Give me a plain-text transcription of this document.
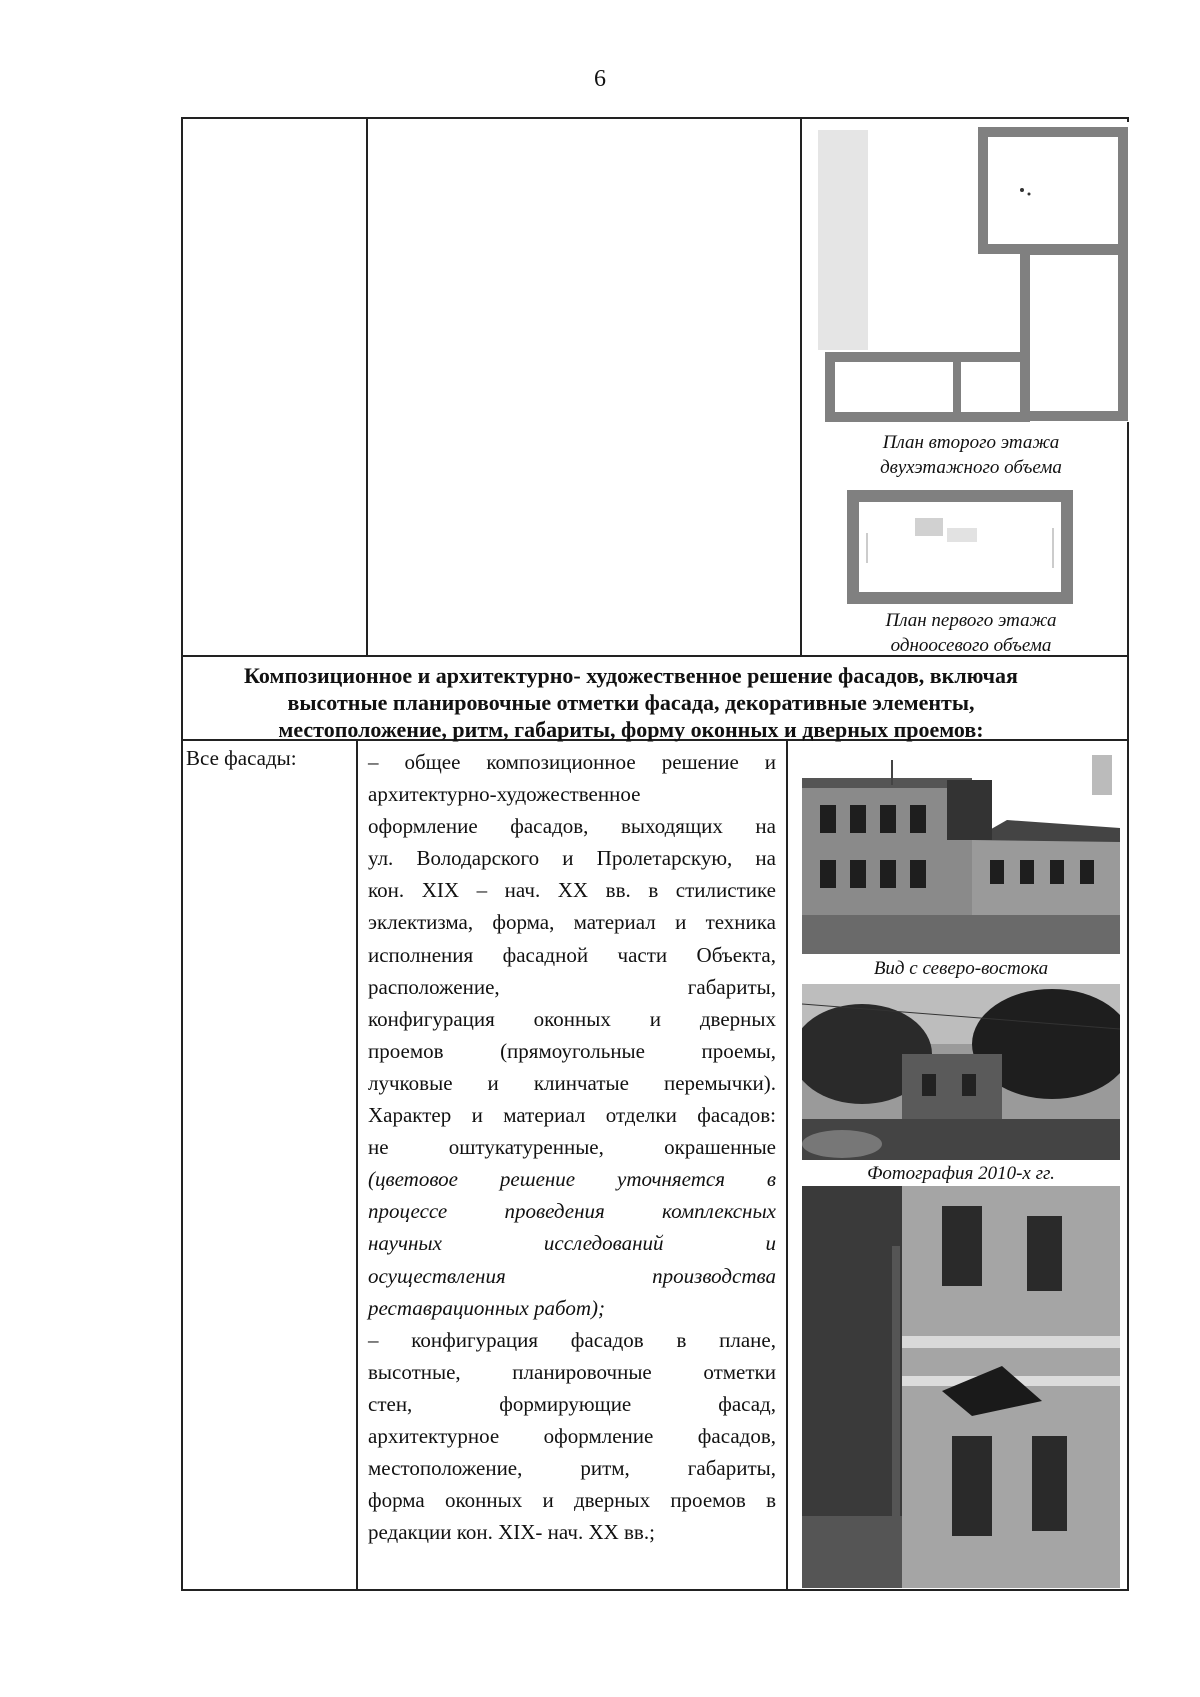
6
План второго этажа
двухэтажного объема
План первого этажа
одноосевого объема
Композиционное и архитектурно- художественное решение фасадов, включая
высотные планировочные отметки фасада, декоративные элементы,
местоположение, ритм, габариты, форму оконных и дверных проемов:
Все фасады:	– общее композиционное решение и
архитектурно-художественное
оформление фасадов, выходящих на
ул. Володарского и Пролетарскую, на
кон. XIX – нач. XX вв. в стилистике
эклектизма, форма, материал и техника
исполнения фасадной части Объекта,
расположение, габариты,
конфигурация оконных и дверных
проемов (прямоугольные проемы,
лучковые и клинчатые перемычки).
Характер и материал отделки фасадов:
не оштукатуренные, окрашенные
(цветовое решение уточняется в
процессе проведения комплексных
научных исследований и
осуществления производства
реставрационных работ);
– конфигурация фасадов в плане,
высотные, планировочные отметки
стен, формирующие фасад,
архитектурное оформление фасадов,
местоположение, ритм, габариты,
форма оконных и дверных проемов в
редакции кон. XIX- нач. XX вв.;
Вид с северо-востока
Фотография 2010-х гг.
